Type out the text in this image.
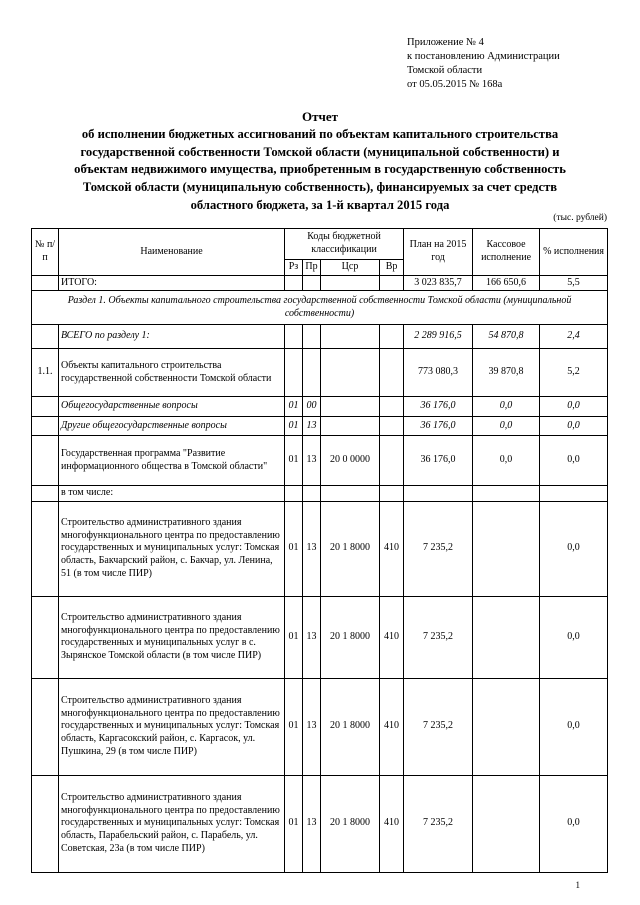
Приложение № 4
к постановлению Администрации
Томской области
от 05.05.2015 № 168а
Отчет
об исполнении бюджетных ассигнований по объектам капитального строительства
государственной собственности Томской области (муниципальной собственности) и
объектам недвижимого имущества, приобретенным в государственную собственность
Томской области (муниципальную собственность), финансируемых за счет средств
областного бюджета, за 1-й квартал 2015 года
(тыс. рублей)
№ п/п	Наименование	Коды бюджетной классификации				План на 2015 год	Кассовое исполнение	% исполнения
		Рз	Пр	Цср	Вр			
	ИТОГО:					3 023 835,7	166 650,6	5,5
Раздел 1. Объекты капитального строительства государственной собственности Томской области (муниципальной собственности)								
	ВСЕГО по разделу 1:					2 289 916,5	54 870,8	2,4
1.1.	Объекты капитального строительства государственной собственности Томской области					773 080,3	39 870,8	5,2
	Общегосударственные вопросы	01	00			36 176,0	0,0	0,0
	Другие общегосударственные вопросы	01	13			36 176,0	0,0	0,0
	Государственная программа "Развитие информационного общества в Томской области"	01	13	20 0 0000		36 176,0	0,0	0,0
	в том числе:							
	Строительство административного здания многофункционального центра по предоставлению государственных и муниципальных услуг: Томская область, Бакчарский район, с. Бакчар, ул. Ленина, 51 (в том числе ПИР)	01	13	20 1 8000	410	7 235,2		0,0
	Строительство административного здания многофункционального центра по предоставлению государственных и муниципальных услуг в с. Зырянское Томской области (в том числе ПИР)	01	13	20 1 8000	410	7 235,2		0,0
	Строительство административного здания многофункционального центра по предоставлению государственных и муниципальных услуг: Томская область, Каргасокский район, с. Каргасок, ул. Пушкина, 29 (в том числе ПИР)	01	13	20 1 8000	410	7 235,2		0,0
	Строительство административного здания многофункционального центра по предоставлению государственных и муниципальных услуг: Томская область, Парабельский район, с. Парабель, ул. Советская, 23а (в том числе ПИР)	01	13	20 1 8000	410	7 235,2		0,0
1
